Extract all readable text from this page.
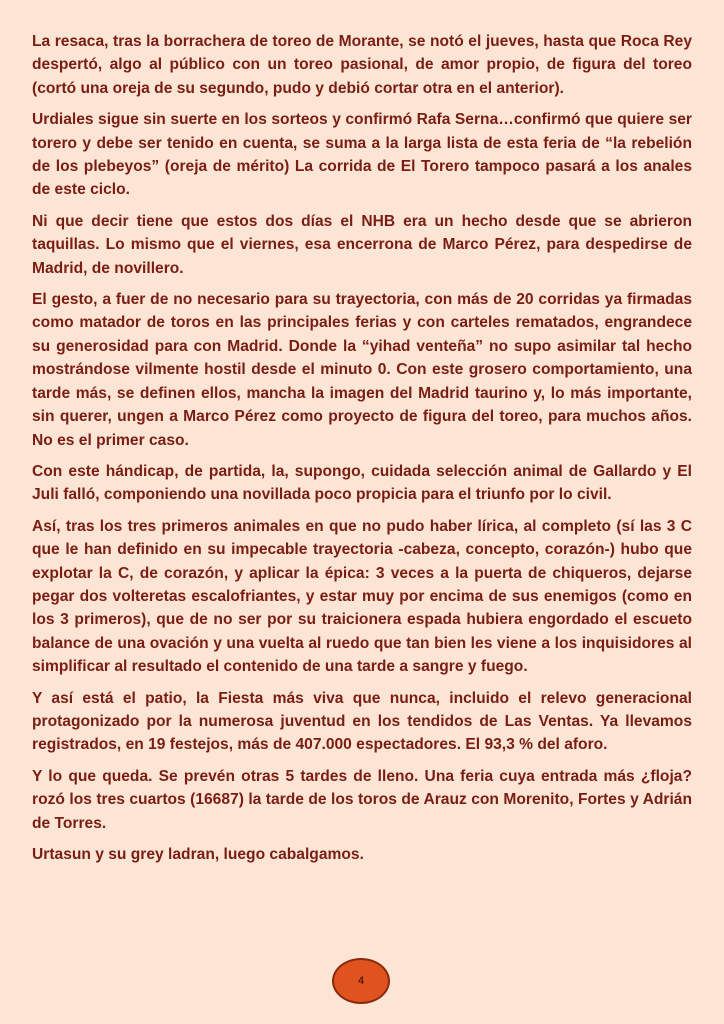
La resaca, tras la borrachera de toreo de Morante, se notó el jueves, hasta que Roca Rey despertó, algo al público con un toreo pasional, de amor propio, de figura del toreo (cortó una oreja de su segundo, pudo y debió cortar otra en el anterior).

Urdiales sigue sin suerte en los sorteos y confirmó Rafa Serna…confirmó que quiere ser torero y debe ser tenido en cuenta, se suma a la larga lista de esta feria de “la rebelión de los plebeyos” (oreja de mérito) La corrida de El Torero tampoco pasará a los anales de este ciclo.

Ni que decir tiene que estos dos días el NHB era un hecho desde que se abrieron taquillas. Lo mismo que el viernes, esa encerrona de Marco Pérez, para despedirse de Madrid, de novillero.

El gesto, a fuer de no necesario para su trayectoria, con más de 20 corridas ya firmadas como matador de toros en las principales ferias y con carteles rematados, engrandece su generosidad para con Madrid. Donde la “yihad venteña” no supo asimilar tal hecho mostrándose vilmente hostil desde el minuto 0. Con este grosero comportamiento, una tarde más, se definen ellos, mancha la imagen del Madrid taurino y, lo más importante, sin querer, ungen a Marco Pérez como proyecto de figura del toreo, para muchos años. No es el primer caso.

Con este hándicap, de partida, la, supongo, cuidada selección animal de Gallardo y El Juli falló, componiendo una novillada poco propicia para el triunfo por lo civil.

Así, tras los tres primeros animales en que no pudo haber lírica, al completo (sí las 3 C que le han definido en su impecable trayectoria -cabeza, concepto, corazón-) hubo que explotar la C, de corazón, y aplicar la épica: 3 veces a la puerta de chiqueros, dejarse pegar dos volteretas escalofriantes, y estar muy por encima de sus enemigos (como en los 3 primeros), que de no ser por su traicionera espada hubiera engordado el escueto balance de una ovación y una vuelta al ruedo que tan bien les viene a los inquisidores al simplificar al resultado el contenido de una tarde a sangre y fuego.

Y así está el patio, la Fiesta más viva que nunca, incluido el relevo generacional protagonizado por la numerosa juventud en los tendidos de Las Ventas. Ya llevamos registrados, en 19 festejos, más de 407.000 espectadores. El 93,3 % del aforo.

Y lo que queda. Se prevén otras 5 tardes de lleno. Una feria cuya entrada más ¿floja? rozó los tres cuartos (16687) la tarde de los toros de Arauz con Morenito, Fortes y Adrián de Torres.

Urtasun y su grey ladran, luego cabalgamos.

4
